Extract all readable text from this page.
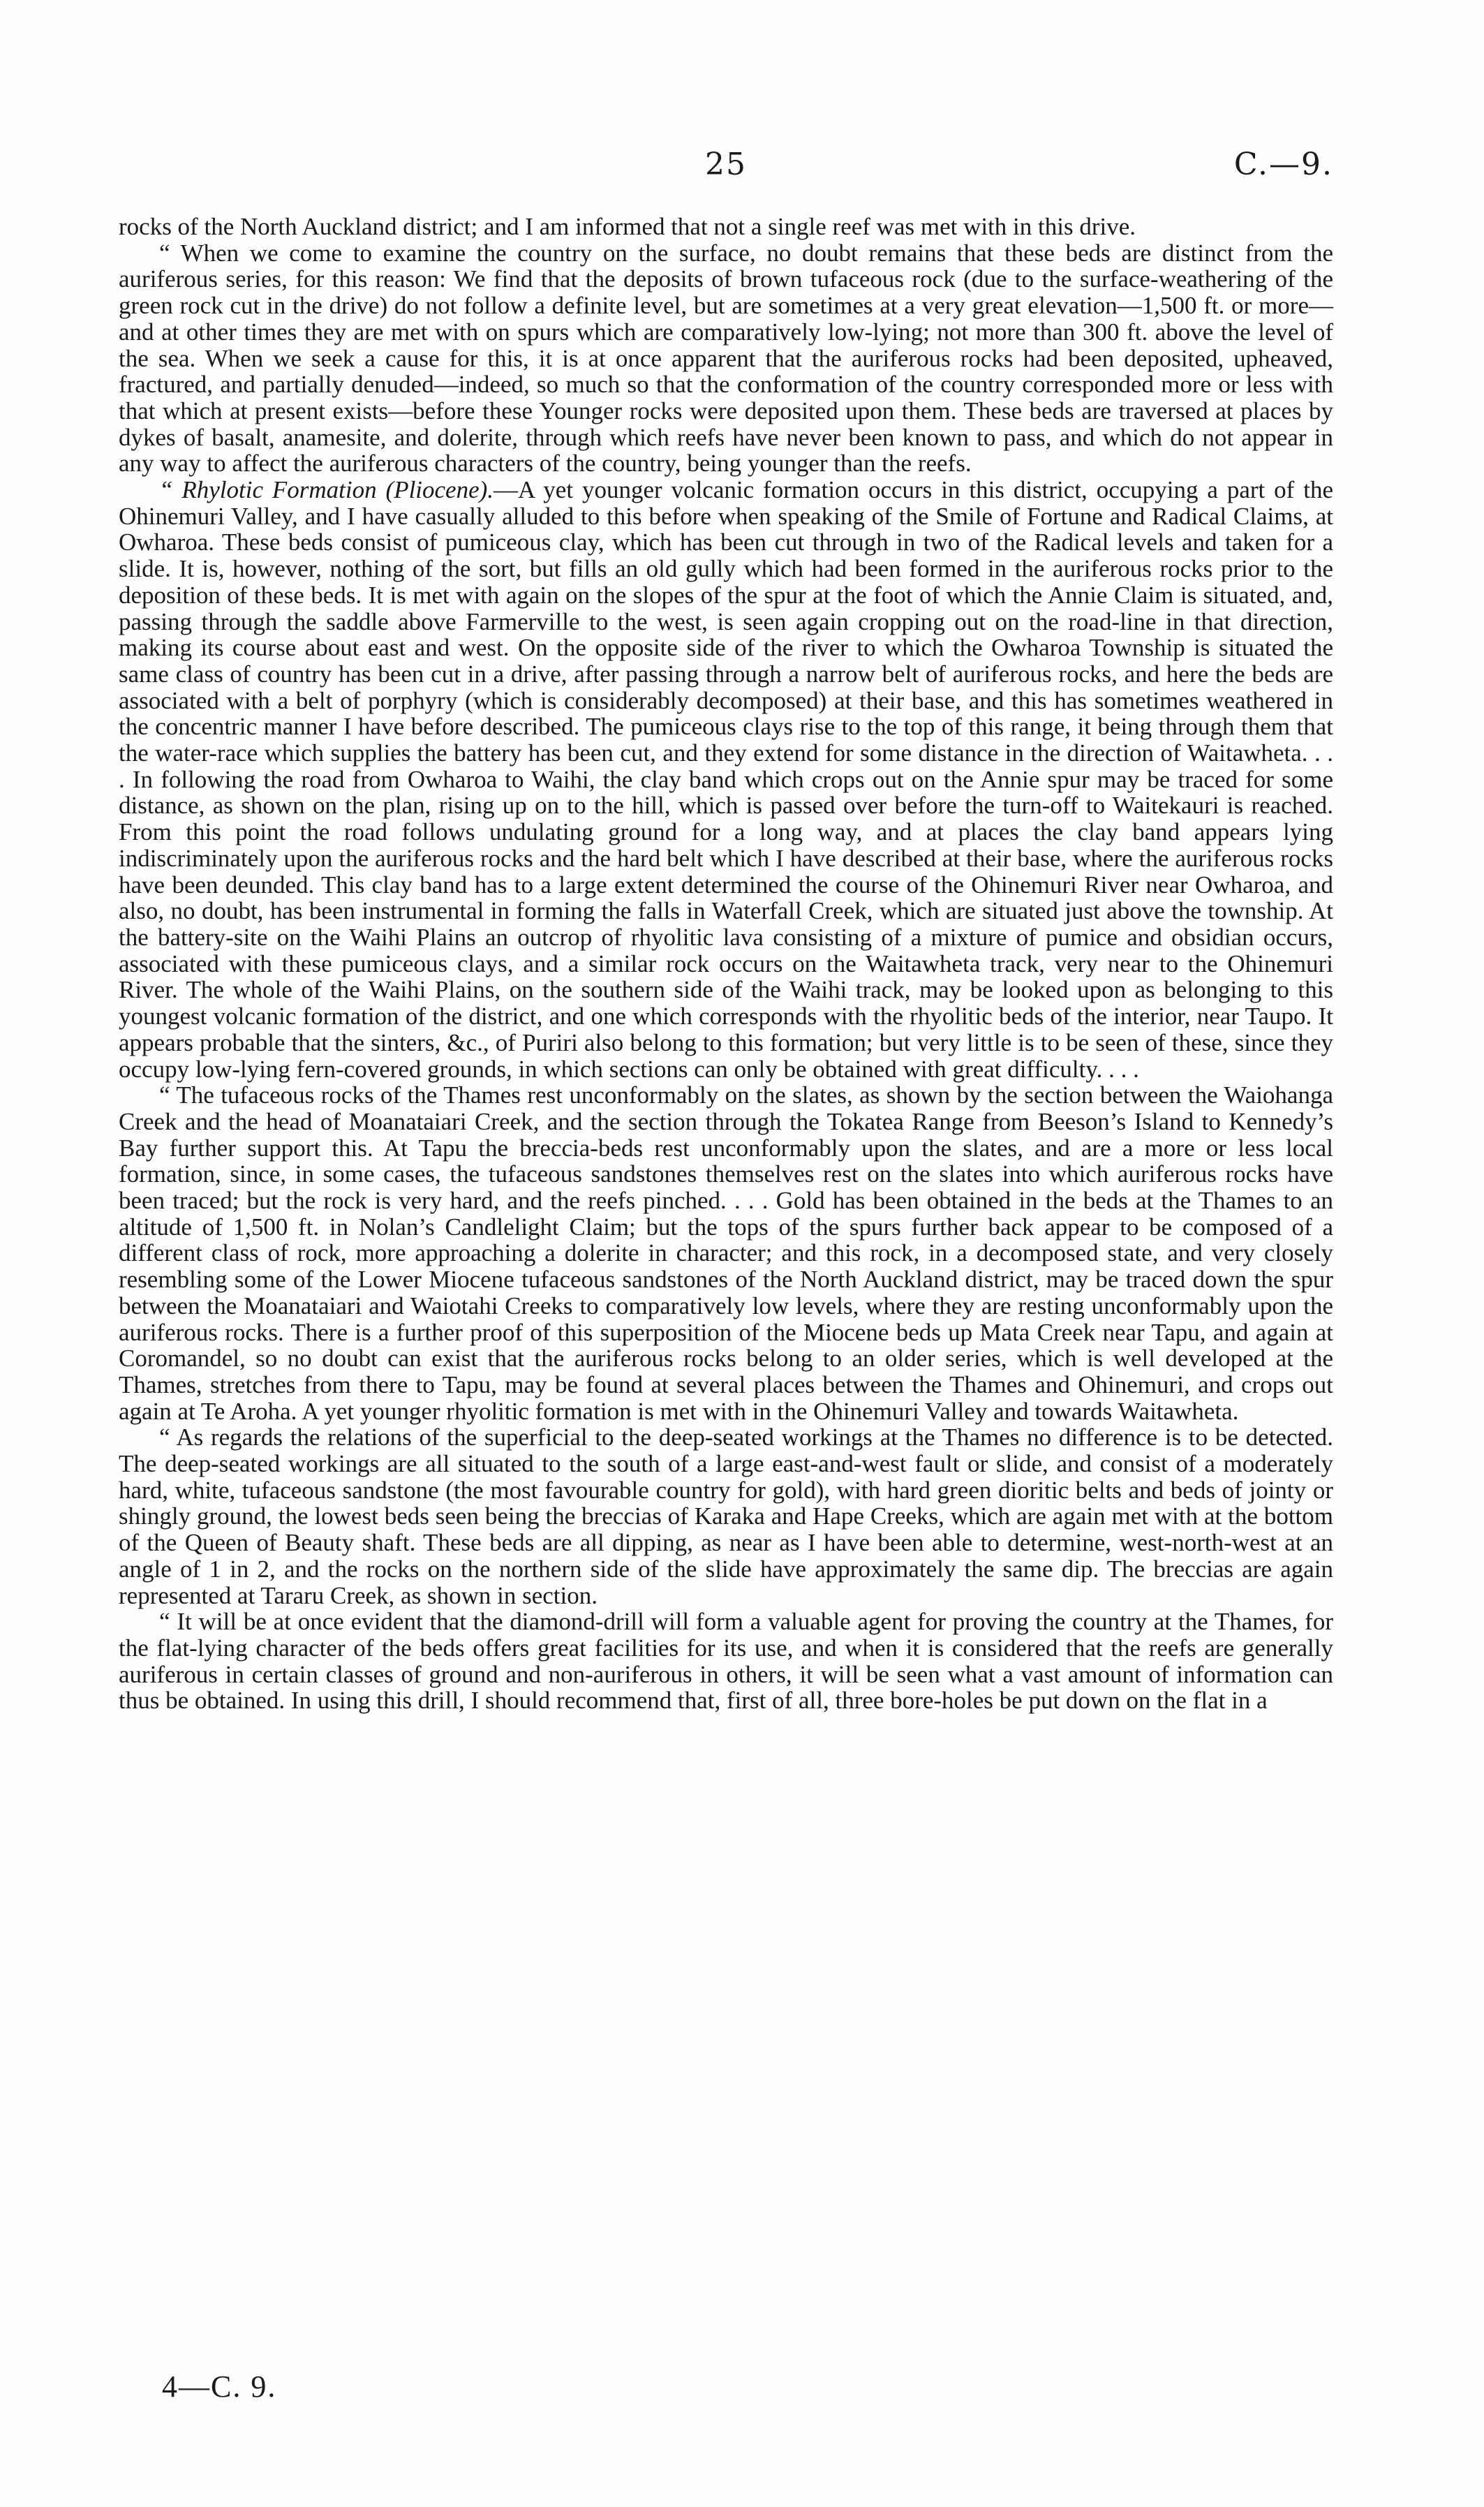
25	C.—9.

rocks of the North Auckland district; and I am informed that not a single reef was met with in this drive.

“ When we come to examine the country on the surface, no doubt remains that these beds are distinct from the auriferous series, for this reason: We find that the deposits of brown tufaceous rock (due to the surface-weathering of the green rock cut in the drive) do not follow a definite level, but are sometimes at a very great elevation—1,500 ft. or more—and at other times they are met with on spurs which are comparatively low-lying; not more than 300 ft. above the level of the sea. When we seek a cause for this, it is at once apparent that the auriferous rocks had been deposited, upheaved, fractured, and partially denuded—indeed, so much so that the conformation of the country corresponded more or less with that which at present exists—before these Younger rocks were deposited upon them. These beds are traversed at places by dykes of basalt, anamesite, and dolerite, through which reefs have never been known to pass, and which do not appear in any way to affect the auriferous characters of the country, being younger than the reefs.

“ Rhylotic Formation (Pliocene).—A yet younger volcanic formation occurs in this district, occupying a part of the Ohinemuri Valley, and I have casually alluded to this before when speaking of the Smile of Fortune and Radical Claims, at Owharoa. These beds consist of pumiceous clay, which has been cut through in two of the Radical levels and taken for a slide. It is, however, nothing of the sort, but fills an old gully which had been formed in the auriferous rocks prior to the deposition of these beds. It is met with again on the slopes of the spur at the foot of which the Annie Claim is situated, and, passing through the saddle above Farmerville to the west, is seen again cropping out on the road-line in that direction, making its course about east and west. On the opposite side of the river to which the Owharoa Township is situated the same class of country has been cut in a drive, after passing through a narrow belt of auriferous rocks, and here the beds are associated with a belt of porphyry (which is considerably decomposed) at their base, and this has sometimes weathered in the concentric manner I have before described. The pumiceous clays rise to the top of this range, it being through them that the water-race which supplies the battery has been cut, and they extend for some distance in the direction of Waitawheta. . . . In following the road from Owharoa to Waihi, the clay band which crops out on the Annie spur may be traced for some distance, as shown on the plan, rising up on to the hill, which is passed over before the turn-off to Waitekauri is reached. From this point the road follows undulating ground for a long way, and at places the clay band appears lying indiscriminately upon the auriferous rocks and the hard belt which I have described at their base, where the auriferous rocks have been deunded. This clay band has to a large extent determined the course of the Ohinemuri River near Owharoa, and also, no doubt, has been instrumental in forming the falls in Waterfall Creek, which are situated just above the township. At the battery-site on the Waihi Plains an outcrop of rhyolitic lava consisting of a mixture of pumice and obsidian occurs, associated with these pumiceous clays, and a similar rock occurs on the Waitawheta track, very near to the Ohinemuri River. The whole of the Waihi Plains, on the southern side of the Waihi track, may be looked upon as belonging to this youngest volcanic formation of the district, and one which corresponds with the rhyolitic beds of the interior, near Taupo. It appears probable that the sinters, &c., of Puriri also belong to this formation; but very little is to be seen of these, since they occupy low-lying fern-covered grounds, in which sections can only be obtained with great difficulty. . . .

“ The tufaceous rocks of the Thames rest unconformably on the slates, as shown by the section between the Waiohanga Creek and the head of Moanataiari Creek, and the section through the Tokatea Range from Beeson’s Island to Kennedy’s Bay further support this. At Tapu the breccia-beds rest unconformably upon the slates, and are a more or less local formation, since, in some cases, the tufaceous sandstones themselves rest on the slates into which auriferous rocks have been traced; but the rock is very hard, and the reefs pinched. . . . Gold has been obtained in the beds at the Thames to an altitude of 1,500 ft. in Nolan’s Candlelight Claim; but the tops of the spurs further back appear to be composed of a different class of rock, more approaching a dolerite in character; and this rock, in a decomposed state, and very closely resembling some of the Lower Miocene tufaceous sandstones of the North Auckland district, may be traced down the spur between the Moanataiari and Waiotahi Creeks to comparatively low levels, where they are resting unconformably upon the auriferous rocks. There is a further proof of this superposition of the Miocene beds up Mata Creek near Tapu, and again at Coromandel, so no doubt can exist that the auriferous rocks belong to an older series, which is well developed at the Thames, stretches from there to Tapu, may be found at several places between the Thames and Ohinemuri, and crops out again at Te Aroha. A yet younger rhyolitic formation is met with in the Ohinemuri Valley and towards Waitawheta.

“ As regards the relations of the superficial to the deep-seated workings at the Thames no difference is to be detected. The deep-seated workings are all situated to the south of a large east-and-west fault or slide, and consist of a moderately hard, white, tufaceous sandstone (the most favourable country for gold), with hard green dioritic belts and beds of jointy or shingly ground, the lowest beds seen being the breccias of Karaka and Hape Creeks, which are again met with at the bottom of the Queen of Beauty shaft. These beds are all dipping, as near as I have been able to determine, west-north-west at an angle of 1 in 2, and the rocks on the northern side of the slide have approximately the same dip. The breccias are again represented at Tararu Creek, as shown in section.

“ It will be at once evident that the diamond-drill will form a valuable agent for proving the country at the Thames, for the flat-lying character of the beds offers great facilities for its use, and when it is considered that the reefs are generally auriferous in certain classes of ground and non-auriferous in others, it will be seen what a vast amount of information can thus be obtained. In using this drill, I should recommend that, first of all, three bore-holes be put down on the flat in a

4—C. 9.
